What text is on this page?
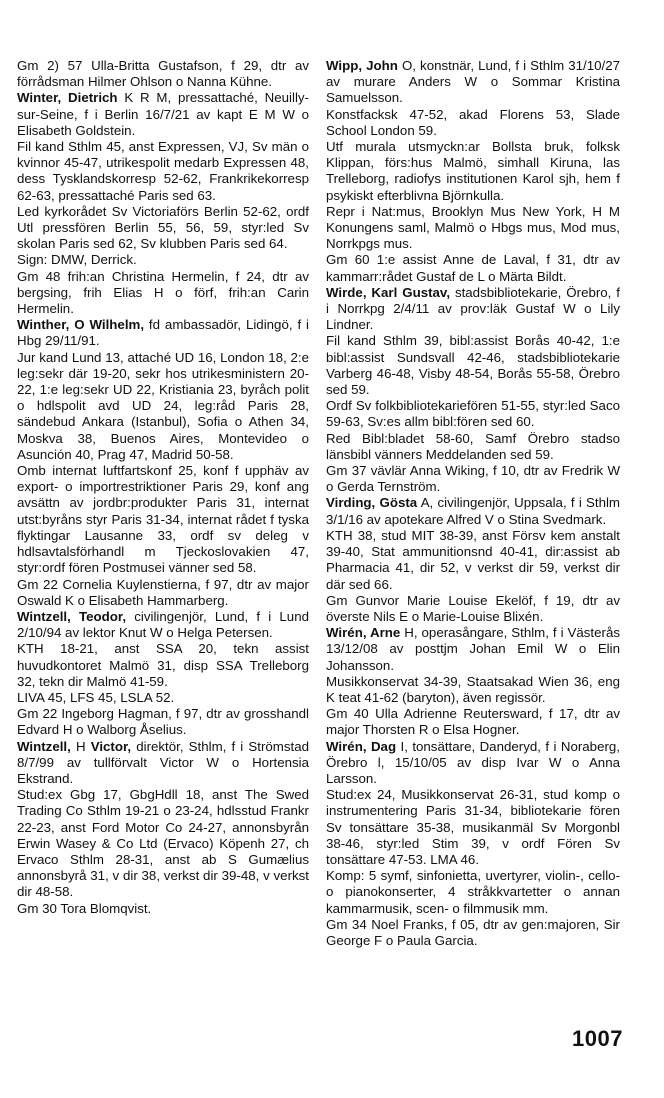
Gm 2) 57 Ulla-Britta Gustafson, f 29, dtr av förrådsman Hilmer Ohlson o Nanna Kühne.

Winter, Dietrich K R M, pressattaché, Neuilly-sur-Seine, f i Berlin 16/7/21 av kapt E M W o Elisabeth Goldstein.

Fil kand Sthlm 45, anst Expressen, VJ, Sv män o kvinnor 45-47, utrikespolit medarb Expressen 48, dess Tysklandskorresp 52-62, Frankrikekorresp 62-63, pressattaché Paris sed 63.

Led kyrkorådet Sv Victoriaförs Berlin 52-62, ordf Utl pressfören Berlin 55, 56, 59, styr:led Sv skolan Paris sed 62, Sv klubben Paris sed 64.

Sign: DMW, Derrick.

Gm 48 frih:an Christina Hermelin, f 24, dtr av bergsing, frih Elias H o förf, frih:an Carin Hermelin.

Winther, O Wilhelm, fd ambassadör, Lidingö, f i Hbg 29/11/91.

Jur kand Lund 13, attaché UD 16, London 18, 2:e leg:sekr där 19-20, sekr hos utrikesministern 20-22, 1:e leg:sekr UD 22, Kristiania 23, byråch polit o hdlspolit avd UD 24, leg:råd Paris 28, sändebud Ankara (Istanbul), Sofia o Athen 34, Moskva 38, Buenos Aires, Montevideo o Asunción 40, Prag 47, Madrid 50-58.

Omb internat luftfartskonf 25, konf f upphäv av export- o importrestriktioner Paris 29, konf ang avsättn av jordbr:produkter Paris 31, internat utst:byråns styr Paris 31-34, internat rådet f tyska flyktingar Lausanne 33, ordf sv deleg v hdlsavtalsförhandl m Tjeckoslovakien 47, styr:ordf fören Postmusei vänner sed 58.

Gm 22 Cornelia Kuylenstierna, f 97, dtr av major Oswald K o Elisabeth Hammarberg.

Wintzell, Teodor, civilingenjör, Lund, f i Lund 2/10/94 av lektor Knut W o Helga Petersen.

KTH 18-21, anst SSA 20, tekn assist huvudkontoret Malmö 31, disp SSA Trelleborg 32, tekn dir Malmö 41-59.

LIVA 45, LFS 45, LSLA 52.

Gm 22 Ingeborg Hagman, f 97, dtr av grosshandl Edvard H o Walborg Åselius.

Wintzell, H Victor, direktör, Sthlm, f i Strömstad 8/7/99 av tullförvalt Victor W o Hortensia Ekstrand.

Stud:ex Gbg 17, GbgHdll 18, anst The Swed Trading Co Sthlm 19-21 o 23-24, hdlsstud Frankr 22-23, anst Ford Motor Co 24-27, annonsbyrån Erwin Wasey & Co Ltd (Ervaco) Köpenh 27, ch Ervaco Sthlm 28-31, anst ab S Gumælius annonsbyrå 31, v dir 38, verkst dir 39-48, v verkst dir 48-58.

Gm 30 Tora Blomqvist.

Wipp, John O, konstnär, Lund, f i Sthlm 31/10/27 av murare Anders W o Sommar Kristina Samuelsson.

Konstfacksk 47-52, akad Florens 53, Slade School London 59.

Utf murala utsmyckn:ar Bollsta bruk, folksk Klippan, förs:hus Malmö, simhall Kiruna, las Trelleborg, radiofys institutionen Karol sjh, hem f psykiskt efterblivna Björnkulla.

Repr i Nat:mus, Brooklyn Mus New York, H M Konungens saml, Malmö o Hbgs mus, Mod mus, Norrkpgs mus.

Gm 60 1:e assist Anne de Laval, f 31, dtr av kammarr:rådet Gustaf de L o Märta Bildt.

Wirde, Karl Gustav, stadsbibliotekarie, Örebro, f i Norrkpg 2/4/11 av prov:läk Gustaf W o Lily Lindner.

Fil kand Sthlm 39, bibl:assist Borås 40-42, 1:e bibl:assist Sundsvall 42-46, stadsbibliotekarie Varberg 46-48, Visby 48-54, Borås 55-58, Örebro sed 59.

Ordf Sv folkbibliotekariefören 51-55, styr:led Saco 59-63, Sv:es allm bibl:fören sed 60.

Red Bibl:bladet 58-60, Samf Örebro stadso länsbibl vänners Meddelanden sed 59.

Gm 37 vävlär Anna Wiking, f 10, dtr av Fredrik W o Gerda Ternström.

Virding, Gösta A, civilingenjör, Uppsala, f i Sthlm 3/1/16 av apotekare Alfred V o Stina Svedmark.

KTH 38, stud MIT 38-39, anst Försv kem anstalt 39-40, Stat ammunitionsnd 40-41, dir:assist ab Pharmacia 41, dir 52, v verkst dir 59, verkst dir där sed 66.

Gm Gunvor Marie Louise Ekelöf, f 19, dtr av överste Nils E o Marie-Louise Blixén.

Wirén, Arne H, operasångare, Sthlm, f i Västerås 13/12/08 av posttjm Johan Emil W o Elin Johansson.

Musikkonservat 34-39, Staatsakad Wien 36, eng K teat 41-62 (baryton), även regissör.

Gm 40 Ulla Adrienne Reutersward, f 17, dtr av major Thorsten R o Elsa Hogner.

Wirén, Dag I, tonsättare, Danderyd, f i Noraberg, Örebro l, 15/10/05 av disp Ivar W o Anna Larsson.

Stud:ex 24, Musikkonservat 26-31, stud komp o instrumentering Paris 31-34, bibliotekarie fören Sv tonsättare 35-38, musikanmäl Sv Morgonbl 38-46, styr:led Stim 39, v ordf Fören Sv tonsättare 47-53. LMA 46.

Komp: 5 symf, sinfonietta, uvertyrer, violin-, cello- o pianokonserter, 4 stråkkvartetter o annan kammarmusik, scen- o filmmusik mm.

Gm 34 Noel Franks, f 05, dtr av gen:majoren, Sir George F o Paula Garcia.

1007
